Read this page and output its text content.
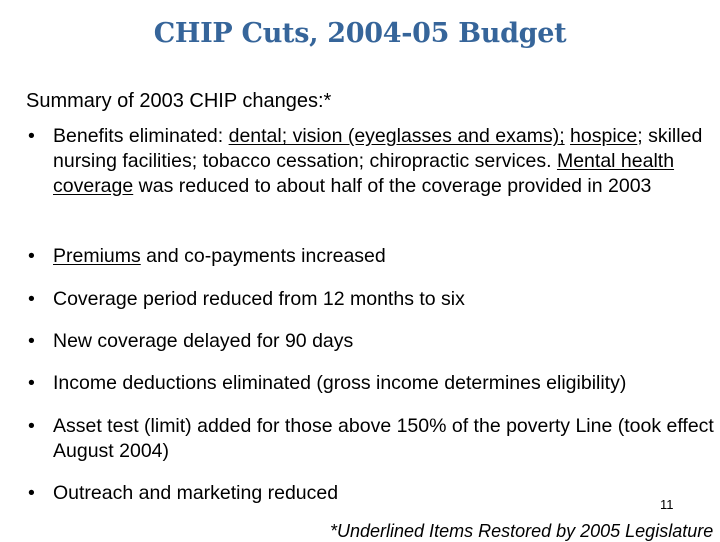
CHIP Cuts, 2004-05 Budget
Summary of 2003 CHIP changes:*
• Benefits eliminated: dental; vision (eyeglasses and exams); hospice; skilled nursing facilities; tobacco cessation; chiropractic services. Mental health coverage was reduced to about half of the coverage provided in 2003
• Premiums and co-payments increased
• Coverage period reduced from 12 months to six
• New coverage delayed for 90 days
• Income deductions eliminated (gross income determines eligibility)
• Asset test (limit) added for those above 150% of the poverty Line (took effect August 2004)
• Outreach and marketing reduced
11
*Underlined Items Restored by 2005 Legislature
